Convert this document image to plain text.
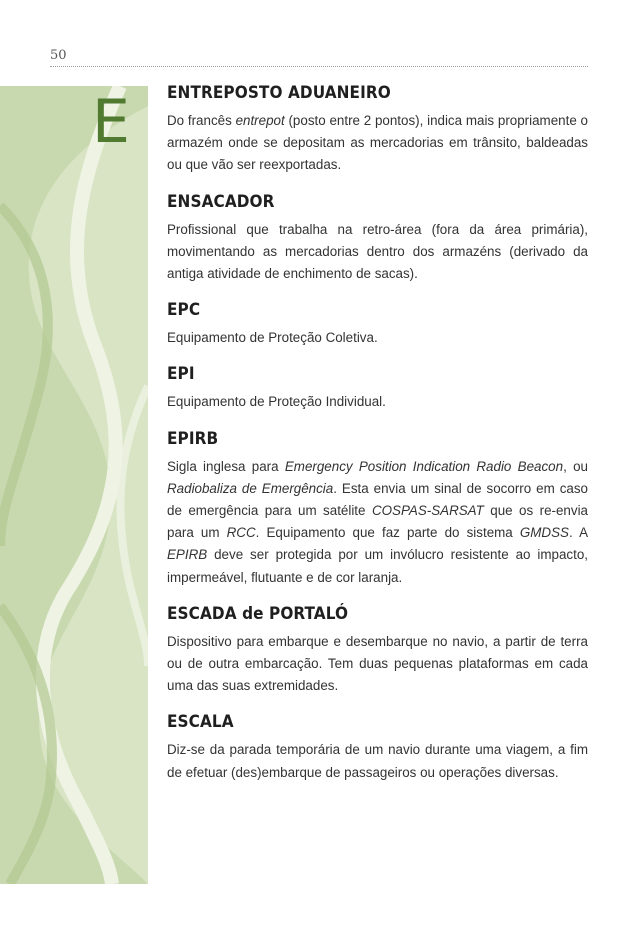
50
E ENTREPOSTO ADUANEIRO

Do francês entrepot (posto entre 2 pontos), indica mais propriamente o armazém onde se depositam as mercadorias em trânsito, baldeadas ou que vão ser reexportadas.

ENSACADOR

Profissional que trabalha na retro-área (fora da área primária), movimentando as mercadorias dentro dos armazéns (derivado da antiga atividade de enchimento de sacas).

EPC

Equipamento de Proteção Coletiva.

EPI

Equipamento de Proteção Individual.

EPIRB

Sigla inglesa para Emergency Position Indication Radio Beacon, ou Radiobaliza de Emergência. Esta envia um sinal de socorro em caso de emergência para um satélite COSPAS-SARSAT que os re-envia para um RCC. Equipamento que faz parte do sistema GMDSS. A EPIRB deve ser protegida por um invólucro resistente ao impacto, impermeável, flutuante e de cor laranja.

ESCADA de PORTALÓ

Dispositivo para embarque e desembarque no navio, a partir de terra ou de outra embarcação. Tem duas pequenas plataformas em cada uma das suas extremidades.

ESCALA

Diz-se da parada temporária de um navio durante uma viagem, a fim de efetuar (des)embarque de passageiros ou operações diversas.
